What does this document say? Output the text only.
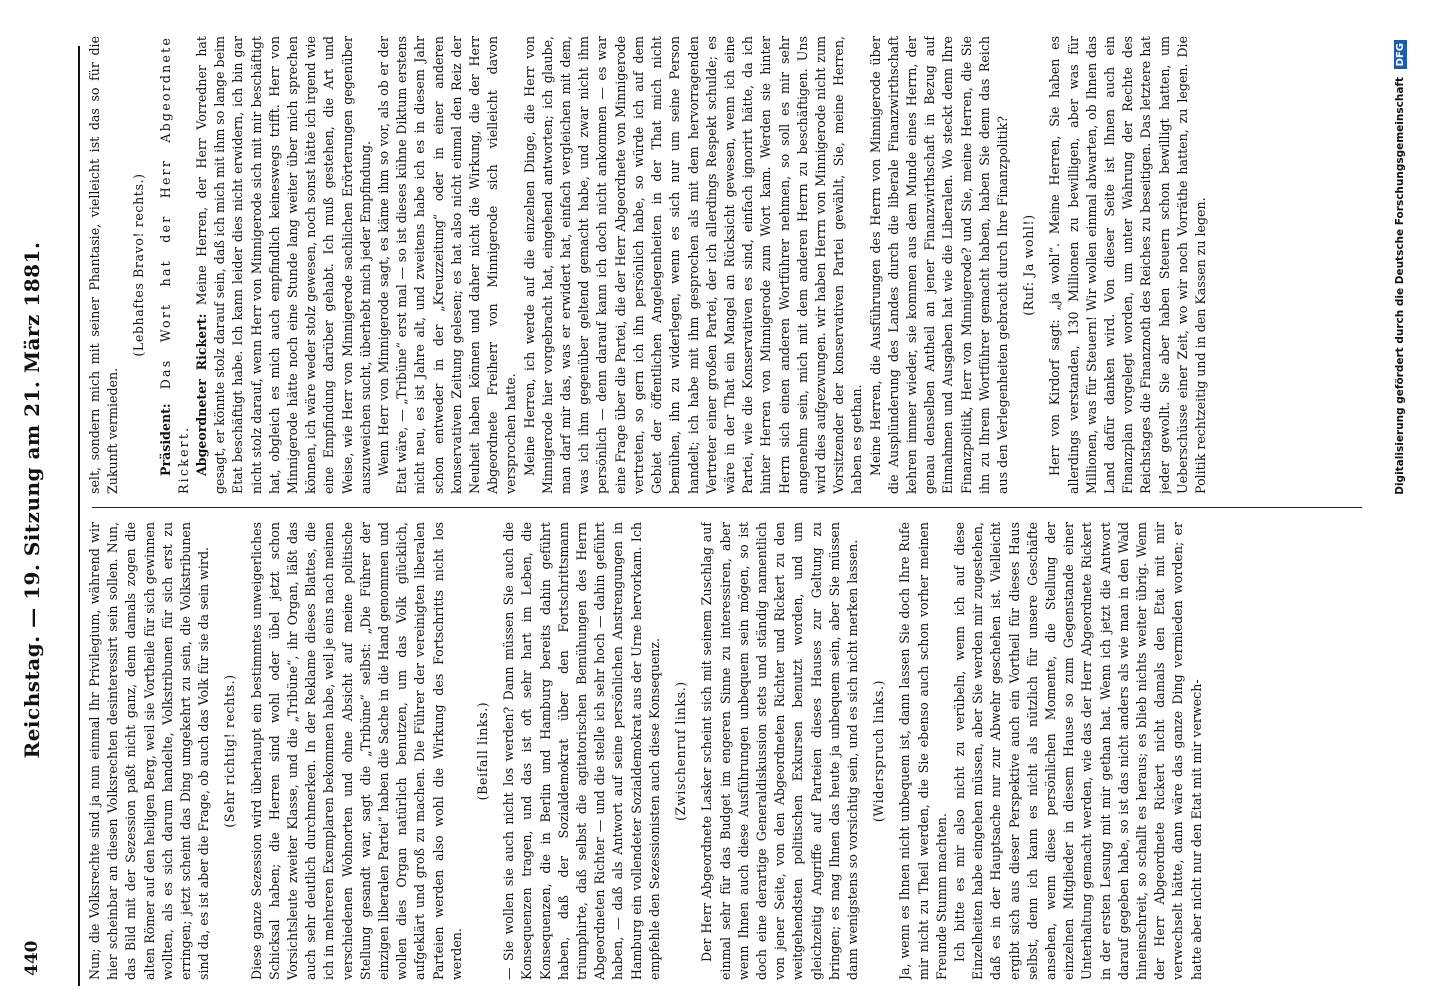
440
Reichstag. — 19. Sitzung am 21. März 1881.	Nun; die Volksrechte sind ja nun einmal Ihr Privilegium, während wir hier scheinbar an diesen Volksrechten desinteressirt sein sollen. Nun, das Bild mit der Sezession paßt nicht ganz, denn damals zogen die alten Römer auf den heiligen Berg, weil sie Vortheile für sich gewinnen wollten, als es sich darum handelte, Volkstribunen für sich erst zu erringen; jetzt scheint das Ding umgekehrt zu sein, die Volkstribunen sind da, es ist aber die Frage, ob auch das Volk für sie da sein wird. (Sehr richtig! rechts.) Diese ganze Sezession wird überhaupt ein bestimmtes unweigerliches Schicksal haben; die Herren sind wohl oder übel jetzt schon Vorsichtsleute zweiter Klasse, und die „Tribüne“, ihr Organ, läßt das auch sehr deutlich durchmerken. In der Reklame dieses Blattes, die ich in mehreren Exemplaren bekommen habe, weil je eins nach meinen verschiedenen Wohnorten und ohne Absicht auf meine politische Stellung gesandt war, sagt die „Tribüne“ selbst: „Die Führer der einzigen liberalen Partei“ haben die Sache in die Hand genommen und wollen dies Organ natürlich benutzen, um das Volk glücklich, aufgeklärt und groß zu machen. Die Führer der vereinigten liberalen Parteien werden also wohl die Wirkung des Fortschritts nicht los werden.

(Beifall links.) — Sie wollen sie auch nicht los werden? Dann müssen Sie auch die Konsequenzen tragen, und das ist oft sehr hart im Leben, die Konsequenzen, die in Berlin und Hamburg bereits dahin geführt haben, daß der Sozialdemokrat über den Fortschrittsmann triumphirte, daß selbst die agitatorischen Bemühungen des Herrn Abgeordneten Richter — und die stelle ich sehr hoch — dahin geführt haben, — daß als Antwort auf seine persönlichen Anstrengungen in Hamburg ein vollendeter Sozialdemokrat aus der Urne hervorkam. Ich empfehle den Sezessionisten auch diese Konsequenz. (Zwischenruf links.) Der Herr Abgeordnete Lasker scheint sich mit seinem Zuschlag auf einmal sehr für das Budget im engeren Sinne zu interessiren, aber wenn Ihnen auch diese Ausführungen unbequem sein mögen, so ist doch eine derartige Generaldiskussion stets und ständig namentlich von jener Seite, von den Abgeordneten Richter und Rickert zu den weitgehendsten politischen Exkursen benutzt worden, und um gleichzeitig Angriffe auf Parteien dieses Hauses zur Geltung zu bringen; es mag Ihnen das heute ja unbequem sein, aber Sie müssen dann wenigstens so vorsichtig sein, und es sich nicht merken lassen. (Widerspruch links.) Ja, wenn es Ihnen nicht unbequem ist, dann lassen Sie doch Ihre Rufe mir nicht zu Theil werden, die Sie ebenso auch schon vorher meinen Freunde Stumm machten. Ich bitte es mir also nicht zu verübeln, wenn ich auf diese Einzelheiten habe eingehen müssen, aber Sie werden mir zugestehen, daß es in der Hauptsache nur zur Abwehr geschehen ist. Vielleicht ergibt sich aus dieser Perspektive auch ein Vortheil für dieses Haus selbst, denn ich kann es nicht als nützlich für unsere Geschäfte ansehen, wenn diese persönlichen Momente, die Stellung der einzelnen Mitglieder in diesem Hause so zum Gegenstande einer Unterhaltung gemacht werden, wie das der Herr Abgeordnete Rickert in der ersten Lesung mit mir gethan hat. Wenn ich jetzt die Antwort darauf gegeben habe, so ist das nicht anders als wie man in den Wald hineinschreit, so schallt es heraus; es blieb nichts weiter übrig. Wenn der Herr Abgeordnete Rickert nicht damals den Etat mit mir verwechselt hätte, dann wäre das ganze Ding vermieden worden; er hatte aber nicht nur den Etat mit mir verwech-

selt, sondern mich mit seiner Phantasie, vielleicht ist das so für die Zukunft vermieden.

(Lebhaftes Bravo! rechts.)

Präsident: Das Wort hat der Herr Abgeordnete Rickert. Abgeordneter Rickert: Meine Herren, der Herr Vorredner hat gesagt, er könnte stolz darauf sein, daß ich mich mit ihm so lange beim Etat beschäftigt habe. Ich kann leider dies nicht erwidern, ich bin gar nicht stolz darauf, wenn Herr von Minnigerode sich mit mir beschäftigt hat, obgleich es mich auch empfindlich keineswegs trifft. Herr von Minnigerode hätte noch eine Stunde lang weiter über mich sprechen können, ich wäre weder stolz gewesen, noch sonst hätte ich irgend wie eine Empfindung darüber gehabt. Ich muß gestehen, die Art und Weise, wie Herr von Minnigerode sachlichen Erörterungen gegenüber auszuweichen sucht, überhebt mich jeder Empfindung. Wenn Herr von Minnigerode sagt, es käme ihm so vor, als ob er der Etat wäre, — „Tribüne“ erst mal — so ist dieses kühne Diktum erstens nicht neu, es ist Jahre alt, und zweitens habe ich es in diesem Jahr schon entweder in der „Kreuzzeitung“ oder in einer anderen konservativen Zeitung gelesen; es hat also nicht einmal den Reiz der Neuheit haben können und daher nicht die Wirkung, die der Herr Abgeordnete Freiherr von Minnigerode sich vielleicht davon versprochen hatte. Meine Herren, ich werde auf die einzelnen Dinge, die Herr von Minnigerode hier vorgebracht hat, eingehend antworten; ich glaube, man darf mir das, was er erwidert hat, einfach vergleichen mit dem, was ich ihm gegenüber geltend gemacht habe, und zwar nicht ihm persönlich — denn darauf kann ich doch nicht ankommen — es war eine Frage über die Partei, die der Herr Abgeordnete von Minnigerode vertreten, so gern ich ihn persönlich habe, so würde ich auf dem Gebiet der öffentlichen Angelegenheiten in der That mich nicht bemühen, ihn zu widerlegen, wenn es sich nur um seine Person handelt; ich habe mit ihm gesprochen als mit dem hervorragenden Vertreter einer großen Partei, der ich allerdings Respekt schulde; es wäre in der That ein Mangel an Rücksicht gewesen, wenn ich eine Partei, wie die Konservativen es sind, einfach ignorirt hätte, da ich hinter Herren von Minnigerode zum Wort kam. Werden sie hinter Herrn sich einen anderen Wortführer nehmen, so soll es mir sehr angenehm sein, mich mit dem anderen Herrn zu beschäftigen. Uns wird dies aufgezwungen. wir haben Herrn von Minnigerode nicht zum Vorsitzender der konservativen Partei gewählt, Sie, meine Herren, haben es gethan. Meine Herren, die Ausführungen des Herrn von Minnigerode über die Ausplünderung des Landes durch die liberale Finanzwirthschaft kehren immer wieder, sie kommen aus dem Munde eines Herrn, der genau denselben Antheil an jener Finanzwirthschaft in Bezug auf Einnahmen und Ausgaben hat wie die Liberalen. Wo steckt denn Ihre Finanzpolitik, Herr von Minnigerode? und Sie, meine Herren, die Sie ihn zu Ihrem Wortführer gemacht haben, haben Sie denn das Reich aus den Verlegenheiten gebracht durch Ihre Finanzpolitik? (Ruf: Ja wohl!) Herr von Kirdorf sagt: „ja wohl“. Meine Herren, Sie haben es allerdings verstanden, 130 Millionen zu bewilligen, aber was für Millionen, was für Steuern! Wir wollen einmal abwarten, ob Ihnen das Land dafür danken wird. Von dieser Seite ist Ihnen auch ein Finanzplan vorgelegt worden, um unter Wahrung der Rechte des Reichstages die Finanznoth des Reiches zu beseitigen. Das letztere hat jeder gewollt. Sie aber haben Steuern schon bewilligt hatten, um Ueberschüsse einer Zeit, wo wir noch Vorräthe hatten, zu legen. Die Politik rechtzeitig und in den Kassen zu legen.	Digitalisierung gefördert durch die Deutsche Forschungsgemeinschaft DFG
